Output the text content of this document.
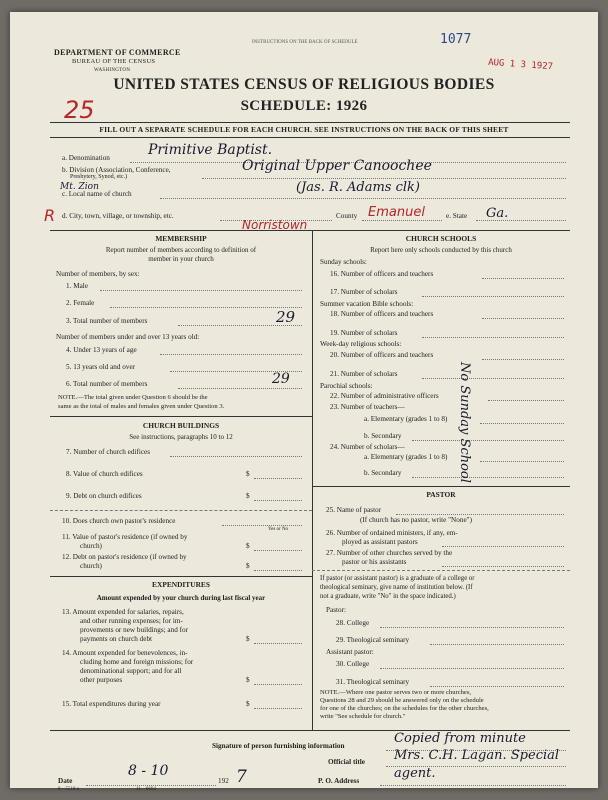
DEPARTMENT OF COMMERCE
BUREAU OF THE CENSUS
WASHINGTON
INSTRUCTIONS ON THE BACK OF SCHEDULE	1077
AUG 1 3 1927
UNITED STATES CENSUS OF RELIGIOUS BODIES
SCHEDULE: 1926
25
FILL OUT A SEPARATE SCHEDULE FOR EACH CHURCH. SEE INSTRUCTIONS ON THE BACK OF THIS SHEET
a. Denomination	Primitive Baptist.
b. Division (Association, Conference,
Presbytery, Synod, etc.)
Original Upper Canoochee
Mt. Zion
c. Local name of church	(Jas. R. Adams clk)
R d. City, town, village, or township, etc.
Norristown
County Emanuel	e. State Ga.
MEMBERSHIP
Report number of members according to definition of
member in your church
Number of members, by sex:
1. Male
2. Female
3. Total number of members	29
Number of members under and over 13 years old:
4. Under 13 years of age
5. 13 years old and over
6. Total number of members	29
NOTE.—The total given under Question 6 should be the
same as the total of males and females given under Question 3.
CHURCH BUILDINGS
See instructions, paragraphs 10 to 12
7. Number of church edifices
8. Value of church edifices	$
9. Debt on church edifices	$
10. Does church own pastor's residence
Yes or No
11. Value of pastor's residence (if owned by
church)	$
12. Debt on pastor's residence (if owned by
church)	$
EXPENDITURES
Amount expended by your church during last fiscal year
13. Amount expended for salaries, repairs,
and other running expenses; for im-
provements or new buildings; and for
payments on church debt	$
14. Amount expended for benevolences, in-
cluding home and foreign missions; for
denominational support; and for all
other purposes	$
15. Total expenditures during year	$
CHURCH SCHOOLS
Report here only schools conducted by this church
Sunday schools:
16. Number of officers and teachers
17. Number of scholars
Summer vacation Bible schools:
18. Number of officers and teachers
19. Number of scholars
Week-day religious schools:
20. Number of officers and teachers
21. Number of scholars
Parochial schools:
22. Number of administrative officers
23. Number of teachers—
a. Elementary (grades 1 to 8)
b. Secondary
24. Number of scholars—
a. Elementary (grades 1 to 8)
b. Secondary	No Sunday School
PASTOR
25. Name of pastor
(If church has no pastor, write "None")
26. Number of ordained ministers, if any, em-
ployed as assistant pastors
27. Number of other churches served by the
pastor or his assistants
If pastor (or assistant pastor) is a graduate of a college or
theological seminary, give name of institution below. (If
not a graduate, write "No" in the space indicated.)
Pastor:
28. College
29. Theological seminary
Assistant pastor:
30. College
31. Theological seminary
NOTE.—Where one pastor serves two or more churches,
Questions 28 and 29 should be answered only on the schedule
for one of the churches; on the schedules for the other churches,
write "See schedule for church."
Signature of person furnishing information	Copied from minute
Official title Mrs. C.H. Lagan. Special
Date
8 - 10
192 7	P. O. Address	agent.
8—5518 a	11—6664
